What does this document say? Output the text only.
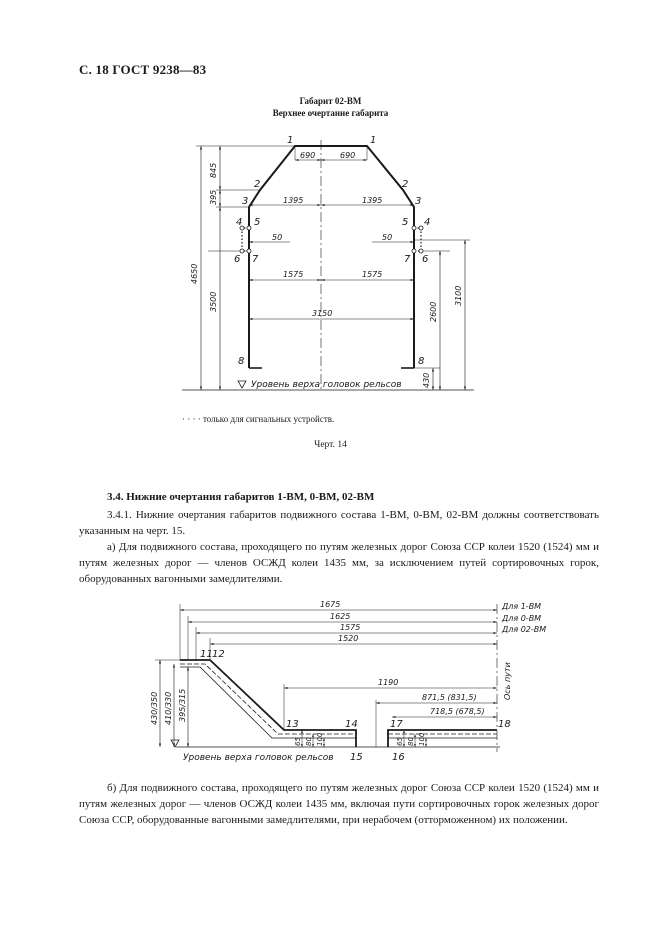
С. 18 ГОСТ 9238—83
Габарит 02-ВМ
Верхнее очертание габарита
1	1
2	2
3	3
4	4
5	5
6	6
7	7
8	8
690	690
1395	1395
50	50
1575	1575
3150
845
395
4650
3500	2600
3100
430
Уровень верха головок рельсов
· · · · только для сигнальных устройств.
Черт. 14
3.4. Нижние очертания габаритов 1-ВМ, 0-ВМ, 02-ВМ
3.4.1. Нижние очертания габаритов подвижного состава 1-ВМ, 0-ВМ, 02-ВМ должны соответствовать указанным на черт. 15.
а) Для подвижного состава, проходящего по путям железных дорог Союза ССР колеи 1520 (1524) мм и путям железных дорог — членов ОСЖД колеи 1435 мм, за исключением путей сортировочных горок, оборудованных вагонными замедлителями.
1675
1625
1575
1520
Для 1-ВМ
Для 0-ВМ
Для 02-ВМ
Ось пути
1190
871,5 (831,5)
718,5 (678,5)
430/350 410/330 395/315
65 80 100	65 80 100
Уровень верха головок рельсов
11 12
13	14
15	16
17	18
б) Для подвижного состава, проходящего по путям железных дорог Союза ССР колеи 1520 (1524) мм и путям железных дорог — членов ОСЖД колеи 1435 мм, включая пути сортировочных горок железных дорог Союза ССР, оборудованные вагонными замедлителями, при нерабочем (отторможенном) их положении.
